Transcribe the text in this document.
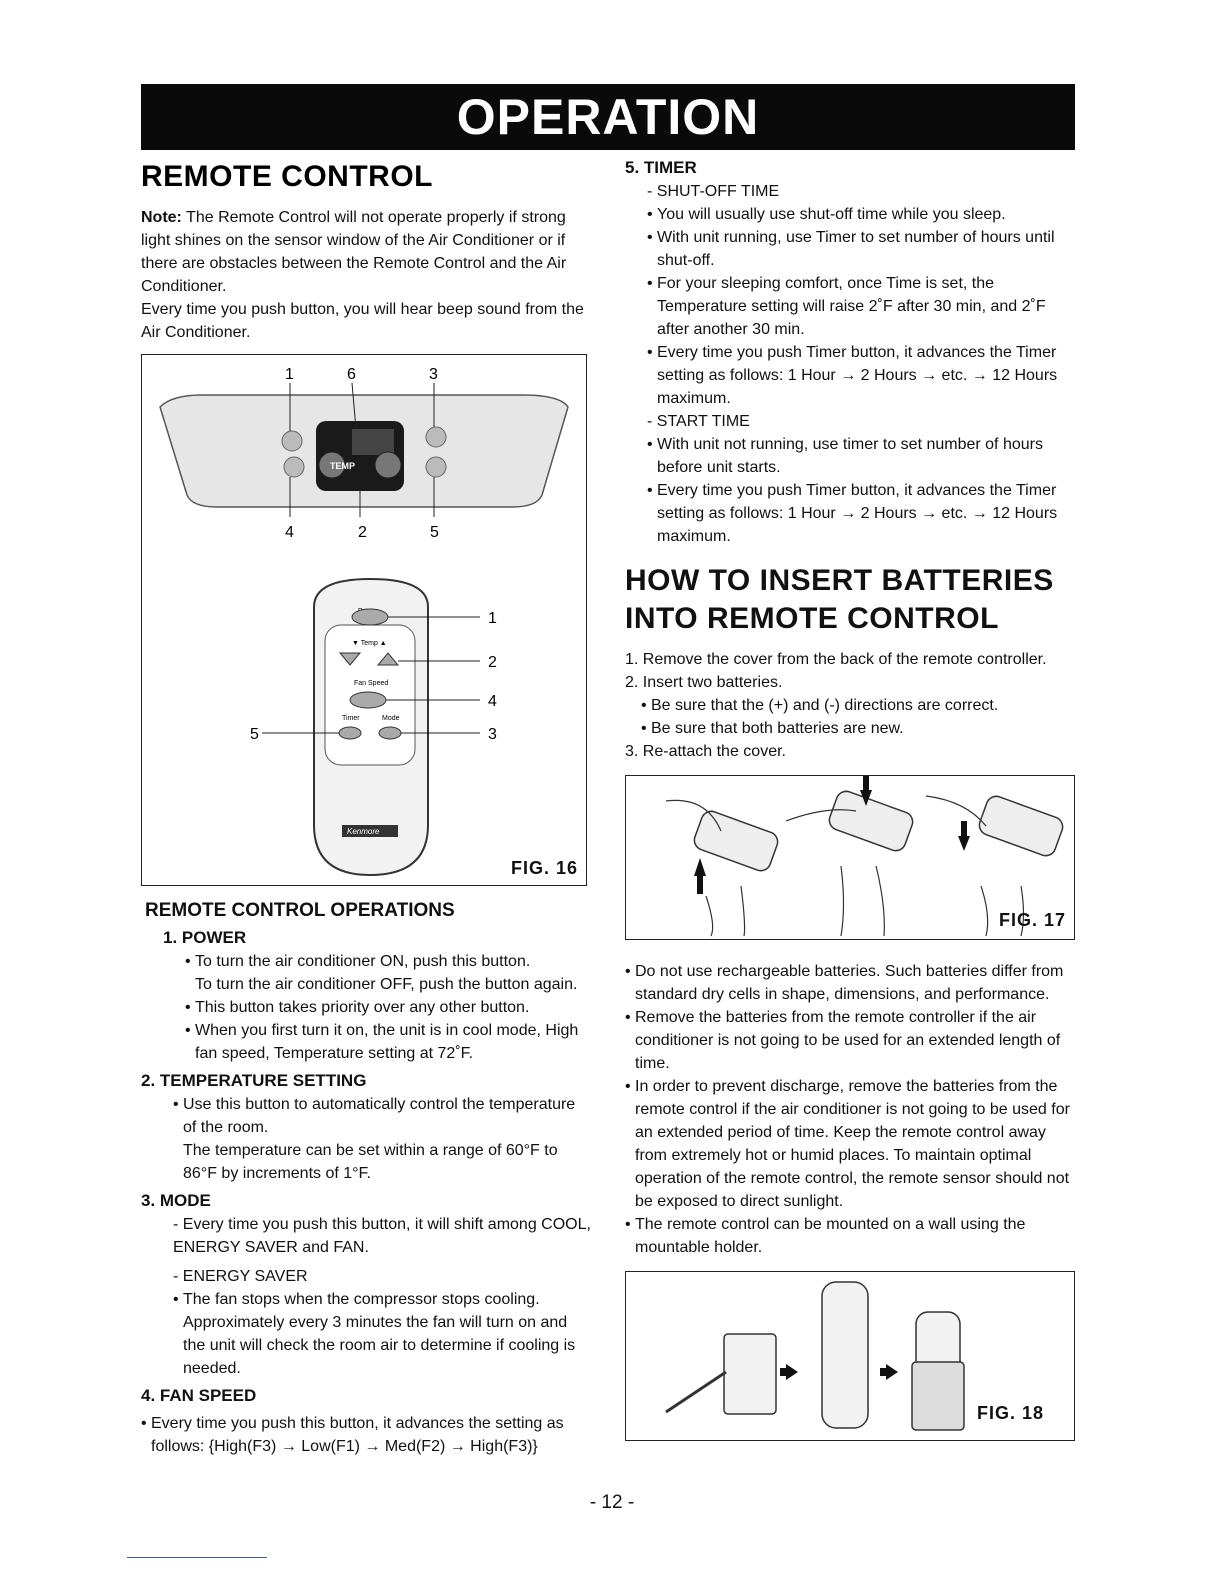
OPERATION
REMOTE CONTROL

Note: The Remote Control will not operate properly if strong light shines on the sensor window of the Air Conditioner or if there are obstacles between the Remote Control and the Air Conditioner.

Every time you push button, you will hear beep sound from the Air Conditioner.

TEMP
1	6	3
4	2	5
▼ Temp ▲
Fan Speed
Timer	Mode
Kenmore
1
2
4
3
5
FIG. 16
REMOTE CONTROL OPERATIONS
1. POWER

• To turn the air conditioner ON, push this button.

To turn the air conditioner OFF, push the button again.

• This button takes priority over any other button.

• When you first turn it on, the unit is in cool mode, High fan speed, Temperature setting at 72˚F.

2. TEMPERATURE SETTING

• Use this button to automatically control the temperature of the room.

The temperature can be set within a range of 60°F to 86°F by increments of 1°F.

3. MODE

- Every time you push this button, it will shift among COOL, ENERGY SAVER and FAN.

- ENERGY SAVER

• The fan stops when the compressor stops cooling. Approximately every 3 minutes the fan will turn on and the unit will check the room air to determine if cooling is needed.

4. FAN SPEED

• Every time you push this button, it advances the setting as follows: {High(F3) → Low(F1) → Med(F2) → High(F3)}

5. TIMER

- SHUT-OFF TIME

• You will usually use shut-off time while you sleep.

• With unit running, use Timer to set number of hours until shut-off.

• For your sleeping comfort, once Time is set, the Temperature setting will raise 2˚F after 30 min, and 2˚F after another 30 min.

• Every time you push Timer button, it advances the Timer setting as follows: 1 Hour → 2 Hours → etc. → 12 Hours maximum.

- START TIME

• With unit not running, use timer to set number of hours before unit starts.

• Every time you push Timer button, it advances the Timer setting as follows: 1 Hour → 2 Hours → etc. → 12 Hours maximum.

HOW TO INSERT BATTERIES
INTO REMOTE CONTROL

1. Remove the cover from the back of the remote controller.

2. Insert two batteries.

• Be sure that the (+) and (-) directions are correct.

• Be sure that both batteries are new.

3. Re-attach the cover.

FIG. 17

• Do not use rechargeable batteries. Such batteries differ from standard dry cells in shape, dimensions, and performance.

• Remove the batteries from the remote controller if the air conditioner is not going to be used for an extended length of time.

• In order to prevent discharge, remove the batteries from the remote control if the air conditioner is not going to be used for an extended period of time. Keep the remote control away from extremely hot or humid places. To maintain optimal operation of the remote control, the remote sensor should not be exposed to direct sunlight.

• The remote control can be mounted on a wall using the mountable holder.

FIG. 18
- 12 -
